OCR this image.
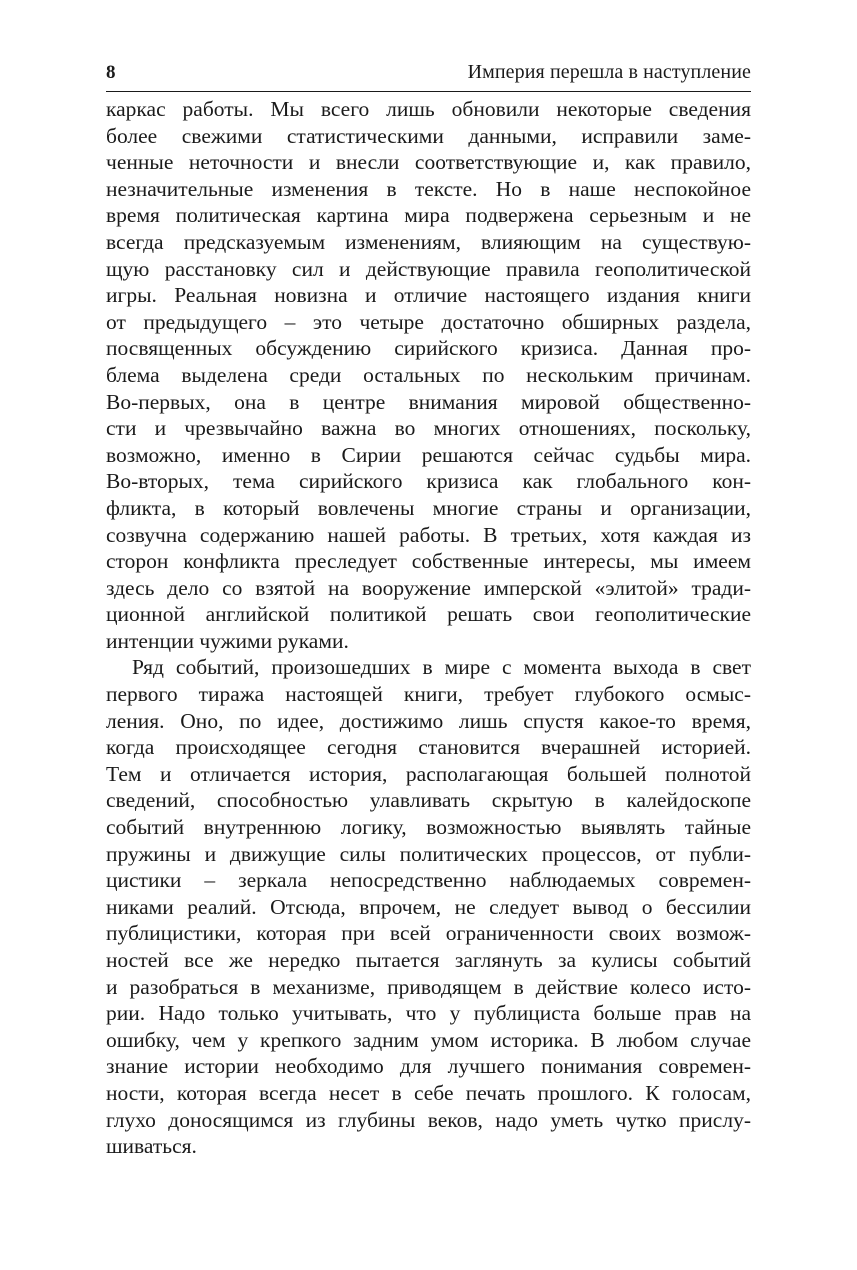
8	Империя перешла в наступление
каркас работы. Мы всего лишь обновили некоторые сведения
более свежими статистическими данными, исправили заме-
ченные неточности и внесли соответствующие и, как правило,
незначительные изменения в тексте. Но в наше неспокойное
время политическая картина мира подвержена серьезным и не
всегда предсказуемым изменениям, влияющим на существую-
щую расстановку сил и действующие правила геополитической
игры. Реальная новизна и отличие настоящего издания книги
от предыдущего – это четыре достаточно обширных раздела,
посвященных обсуждению сирийского кризиса. Данная про-
блема выделена среди остальных по нескольким причинам.
Во-первых, она в центре внимания мировой общественно-
сти и чрезвычайно важна во многих отношениях, поскольку,
возможно, именно в Сирии решаются сейчас судьбы мира.
Во-вторых, тема сирийского кризиса как глобального кон-
фликта, в который вовлечены многие страны и организации,
созвучна содержанию нашей работы. В третьих, хотя каждая из
сторон конфликта преследует собственные интересы, мы имеем
здесь дело со взятой на вооружение имперской «элитой» тради-
ционной английской политикой решать свои геополитические
интенции чужими руками.
Ряд событий, произошедших в мире с момента выхода в свет
первого тиража настоящей книги, требует глубокого осмыс-
ления. Оно, по идее, достижимо лишь спустя какое-то время,
когда происходящее сегодня становится вчерашней историей.
Тем и отличается история, располагающая большей полнотой
сведений, способностью улавливать скрытую в калейдоскопе
событий внутреннюю логику, возможностью выявлять тайные
пружины и движущие силы политических процессов, от публи-
цистики – зеркала непосредственно наблюдаемых современ-
никами реалий. Отсюда, впрочем, не следует вывод о бессилии
публицистики, которая при всей ограниченности своих возмож-
ностей все же нередко пытается заглянуть за кулисы событий
и разобраться в механизме, приводящем в действие колесо исто-
рии. Надо только учитывать, что у публициста больше прав на
ошибку, чем у крепкого задним умом историка. В любом случае
знание истории необходимо для лучшего понимания современ-
ности, которая всегда несет в себе печать прошлого. К голосам,
глухо доносящимся из глубины веков, надо уметь чутко прислу-
шиваться.
